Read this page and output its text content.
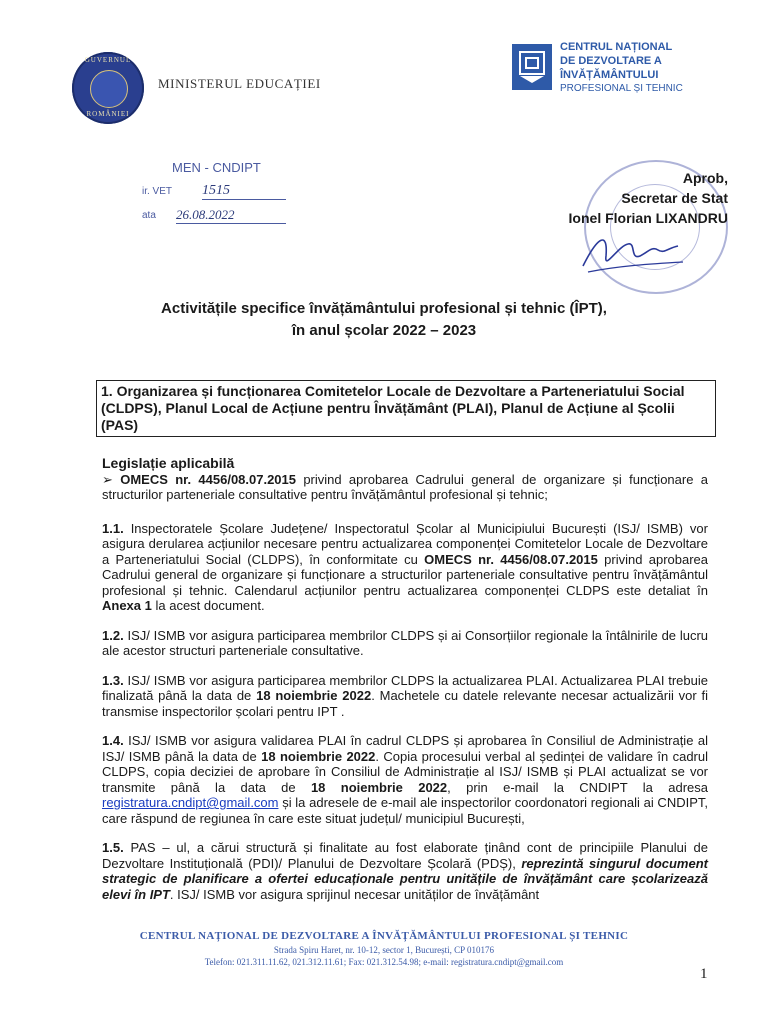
GUVERNUL
ROMÂNIEI
MINISTERUL EDUCAȚIEI
CENTRUL NAȚIONAL
DE DEZVOLTARE A
ÎNVĂȚĂMÂNTULUI
PROFESIONAL ȘI TEHNIC
MEN - CNDIPT
ir. VET 1515
ata 26.08.2022
Aprob,
Secretar de Stat
Ionel Florian LIXANDRU
Activitățile specifice învățământului profesional și tehnic (ÎPT),
în anul școlar 2022 – 2023
1. Organizarea și funcționarea Comitetelor Locale de Dezvoltare a Parteneriatului Social (CLDPS), Planul Local de Acțiune pentru Învățământ (PLAI), Planul de Acțiune al Școlii (PAS)

Legislație aplicabilă

➢ OMECS nr. 4456/08.07.2015 privind aprobarea Cadrului general de organizare și funcționare a structurilor parteneriale consultative pentru învățământul profesional și tehnic;

1.1. Inspectoratele Școlare Județene/ Inspectoratul Școlar al Municipiului București (ISJ/ ISMB) vor asigura derularea acțiunilor necesare pentru actualizarea componenței Comitetelor Locale de Dezvoltare a Parteneriatului Social (CLDPS), în conformitate cu OMECS nr. 4456/08.07.2015 privind aprobarea Cadrului general de organizare și funcționare a structurilor parteneriale consultative pentru învățământul profesional și tehnic. Calendarul acțiunilor pentru actualizarea componenței CLDPS este detaliat în Anexa 1 la acest document.

1.2. ISJ/ ISMB vor asigura participarea membrilor CLDPS și ai Consorțiilor regionale la întâlnirile de lucru ale acestor structuri parteneriale consultative.

1.3. ISJ/ ISMB vor asigura participarea membrilor CLDPS la actualizarea PLAI. Actualizarea PLAI trebuie finalizată până la data de 18 noiembrie 2022. Machetele cu datele relevante necesar actualizării vor fi transmise inspectorilor școlari pentru IPT .

1.4. ISJ/ ISMB vor asigura validarea PLAI în cadrul CLDPS și aprobarea în Consiliul de Administrație al ISJ/ ISMB până la data de 18 noiembrie 2022. Copia procesului verbal al ședinței de validare în cadrul CLDPS, copia deciziei de aprobare în Consiliul de Administrație al ISJ/ ISMB și PLAI actualizat se vor transmite până la data de 18 noiembrie 2022, prin e-mail la CNDIPT la adresa registratura.cndipt@gmail.com și la adresele de e-mail ale inspectorilor coordonatori regionali ai CNDIPT, care răspund de regiunea în care este situat județul/ municipiul București,

1.5. PAS – ul, a cărui structură și finalitate au fost elaborate ținând cont de principiile Planului de Dezvoltare Instituțională (PDI)/ Planului de Dezvoltare Școlară (PDȘ), reprezintă singurul document strategic de planificare a ofertei educaționale pentru unitățile de învățământ care școlarizează elevi în IPT. ISJ/ ISMB vor asigura sprijinul necesar unităților de învățământ

CENTRUL NAȚIONAL DE DEZVOLTARE A ÎNVĂȚĂMÂNTULUI PROFESIONAL ȘI TEHNIC
Strada Spiru Haret, nr. 10-12, sector 1, București, CP 010176
Telefon: 021.311.11.62, 021.312.11.61; Fax: 021.312.54.98; e-mail: registratura.cndipt@gmail.com
1
